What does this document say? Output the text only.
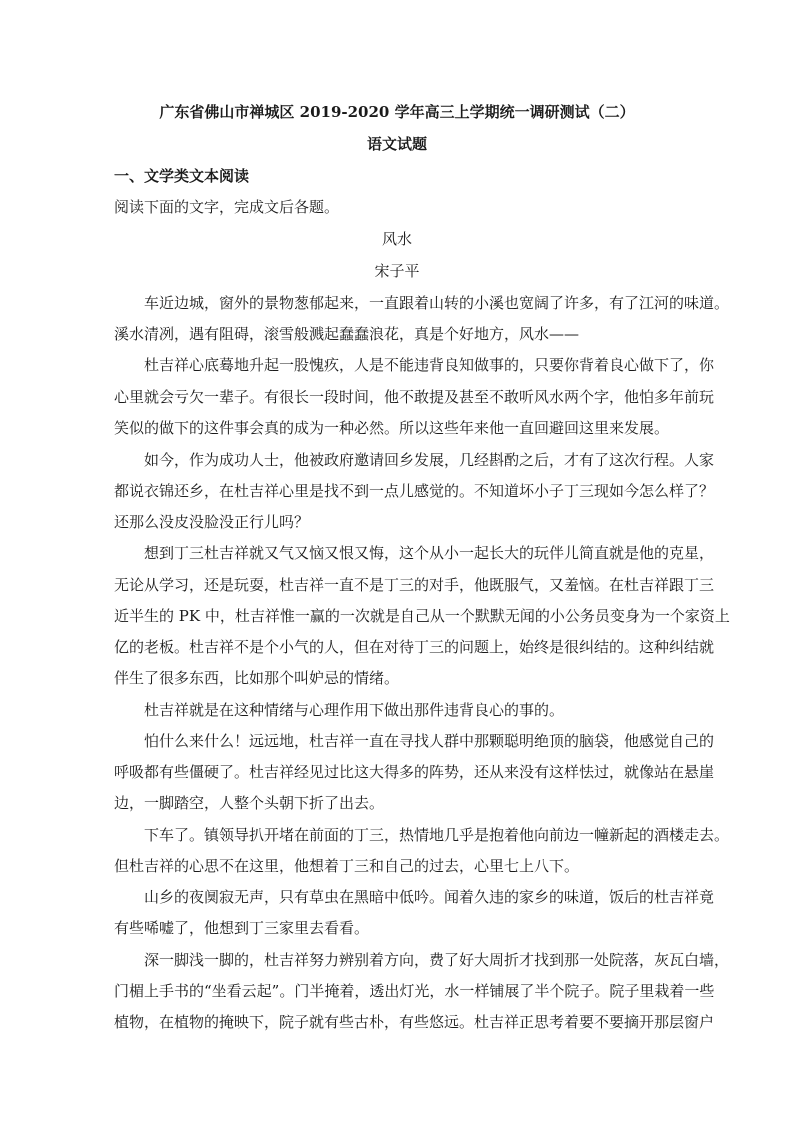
广东省佛山市禅城区 2019-2020 学年高三上学期统一调研测试（二）
语文试题
一、文学类文本阅读
阅读下面的文字，完成文后各题。
风水
宋子平
车近边城，窗外的景物葱郁起来，一直跟着山转的小溪也宽阔了许多，有了江河的味道。
溪水清冽，遇有阻碍，滚雪般溅起蠢蠢浪花，真是个好地方，风水——
杜吉祥心底蓦地升起一股愧疚，人是不能违背良知做事的，只要你背着良心做下了，你
心里就会亏欠一辈子。有很长一段时间，他不敢提及甚至不敢听风水两个字，他怕多年前玩
笑似的做下的这件事会真的成为一种必然。所以这些年来他一直回避回这里来发展。
如今，作为成功人士，他被政府邀请回乡发展，几经斟酌之后，才有了这次行程。人家
都说衣锦还乡，在杜吉祥心里是找不到一点儿感觉的。不知道坏小子丁三现如今怎么样了？
还那么没皮没脸没正行儿吗？
想到丁三杜吉祥就又气又恼又恨又悔，这个从小一起长大的玩伴儿简直就是他的克星，
无论从学习，还是玩耍，杜吉祥一直不是丁三的对手，他既服气，又羞恼。在杜吉祥跟丁三
近半生的 PK 中，杜吉祥惟一赢的一次就是自己从一个默默无闻的小公务员变身为一个家资上
亿的老板。杜吉祥不是个小气的人，但在对待丁三的问题上，始终是很纠结的。这种纠结就
伴生了很多东西，比如那个叫妒忌的情绪。
杜吉祥就是在这种情绪与心理作用下做出那件违背良心的事的。
怕什么来什么！远远地，杜吉祥一直在寻找人群中那颗聪明绝顶的脑袋，他感觉自己的
呼吸都有些僵硬了。杜吉祥经见过比这大得多的阵势，还从来没有这样怯过，就像站在悬崖
边，一脚踏空，人整个头朝下折了出去。
下车了。镇领导扒开堵在前面的丁三，热情地几乎是抱着他向前边一幢新起的酒楼走去。
但杜吉祥的心思不在这里，他想着丁三和自己的过去，心里七上八下。
山乡的夜阒寂无声，只有草虫在黑暗中低吟。闻着久违的家乡的味道，饭后的杜吉祥竟
有些唏嘘了，他想到丁三家里去看看。
深一脚浅一脚的，杜吉祥努力辨别着方向，费了好大周折才找到那一处院落，灰瓦白墙，
门楣上手书的“坐看云起”。门半掩着，透出灯光，水一样铺展了半个院子。院子里栽着一些
植物，在植物的掩映下，院子就有些古朴，有些悠远。杜吉祥正思考着要不要摘开那层窗户
